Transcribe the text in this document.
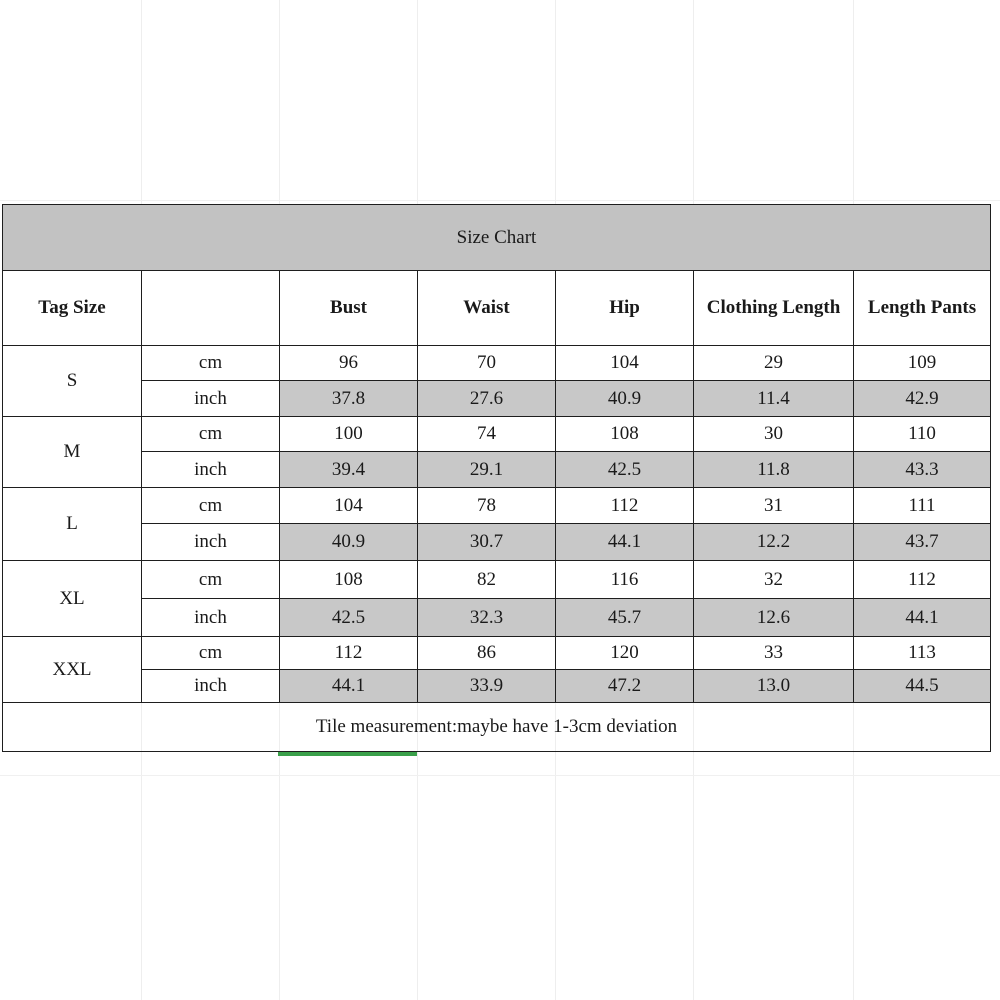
Size Chart						
Tag Size		Bust	Waist	Hip	Clothing Length	Length Pants
S	cm	96	70	104	29	109
	inch	37.8	27.6	40.9	11.4	42.9
M	cm	100	74	108	30	110
	inch	39.4	29.1	42.5	11.8	43.3
L	cm	104	78	112	31	111
	inch	40.9	30.7	44.1	12.2	43.7
XL	cm	108	82	116	32	112
	inch	42.5	32.3	45.7	12.6	44.1
XXL	cm	112	86	120	33	113
	inch	44.1	33.9	47.2	13.0	44.5
Tile measurement:maybe have 1-3cm deviation						
